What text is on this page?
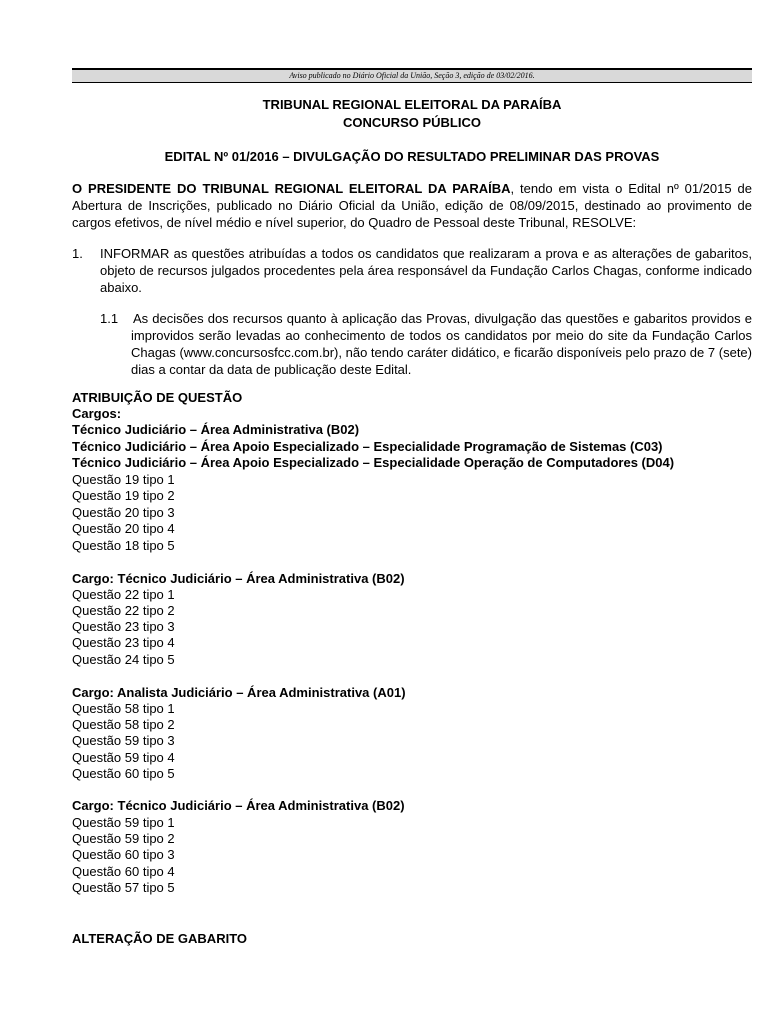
Aviso publicado no Diário Oficial da União, Seção 3, edição de 03/02/2016.
TRIBUNAL REGIONAL ELEITORAL DA PARAÍBA
CONCURSO PÚBLICO
EDITAL Nº 01/2016 – DIVULGAÇÃO DO RESULTADO PRELIMINAR DAS PROVAS
O PRESIDENTE DO TRIBUNAL REGIONAL ELEITORAL DA PARAÍBA, tendo em vista o Edital nº 01/2015 de Abertura de Inscrições, publicado no Diário Oficial da União, edição de 08/09/2015, destinado ao provimento de cargos efetivos, de nível médio e nível superior, do Quadro de Pessoal deste Tribunal, RESOLVE:
1. INFORMAR as questões atribuídas a todos os candidatos que realizaram a prova e as alterações de gabaritos, objeto de recursos julgados procedentes pela área responsável da Fundação Carlos Chagas, conforme indicado abaixo.
1.1 As decisões dos recursos quanto à aplicação das Provas, divulgação das questões e gabaritos providos e improvidos serão levadas ao conhecimento de todos os candidatos por meio do site da Fundação Carlos Chagas (www.concursosfcc.com.br), não tendo caráter didático, e ficarão disponíveis pelo prazo de 7 (sete) dias a contar da data de publicação deste Edital.
ATRIBUIÇÃO DE QUESTÃO
Cargos:
Técnico Judiciário – Área Administrativa (B02)
Técnico Judiciário – Área Apoio Especializado – Especialidade Programação de Sistemas (C03)
Técnico Judiciário – Área Apoio Especializado – Especialidade Operação de Computadores (D04)
Questão 19 tipo 1
Questão 19 tipo 2
Questão 20 tipo 3
Questão 20 tipo 4
Questão 18 tipo 5
Cargo: Técnico Judiciário – Área Administrativa (B02)
Questão 22 tipo 1
Questão 22 tipo 2
Questão 23 tipo 3
Questão 23 tipo 4
Questão 24 tipo 5
Cargo: Analista Judiciário – Área Administrativa (A01)
Questão 58 tipo 1
Questão 58 tipo 2
Questão 59 tipo 3
Questão 59 tipo 4
Questão 60 tipo 5
Cargo: Técnico Judiciário – Área Administrativa (B02)
Questão 59 tipo 1
Questão 59 tipo 2
Questão 60 tipo 3
Questão 60 tipo 4
Questão 57 tipo 5
ALTERAÇÃO DE GABARITO
